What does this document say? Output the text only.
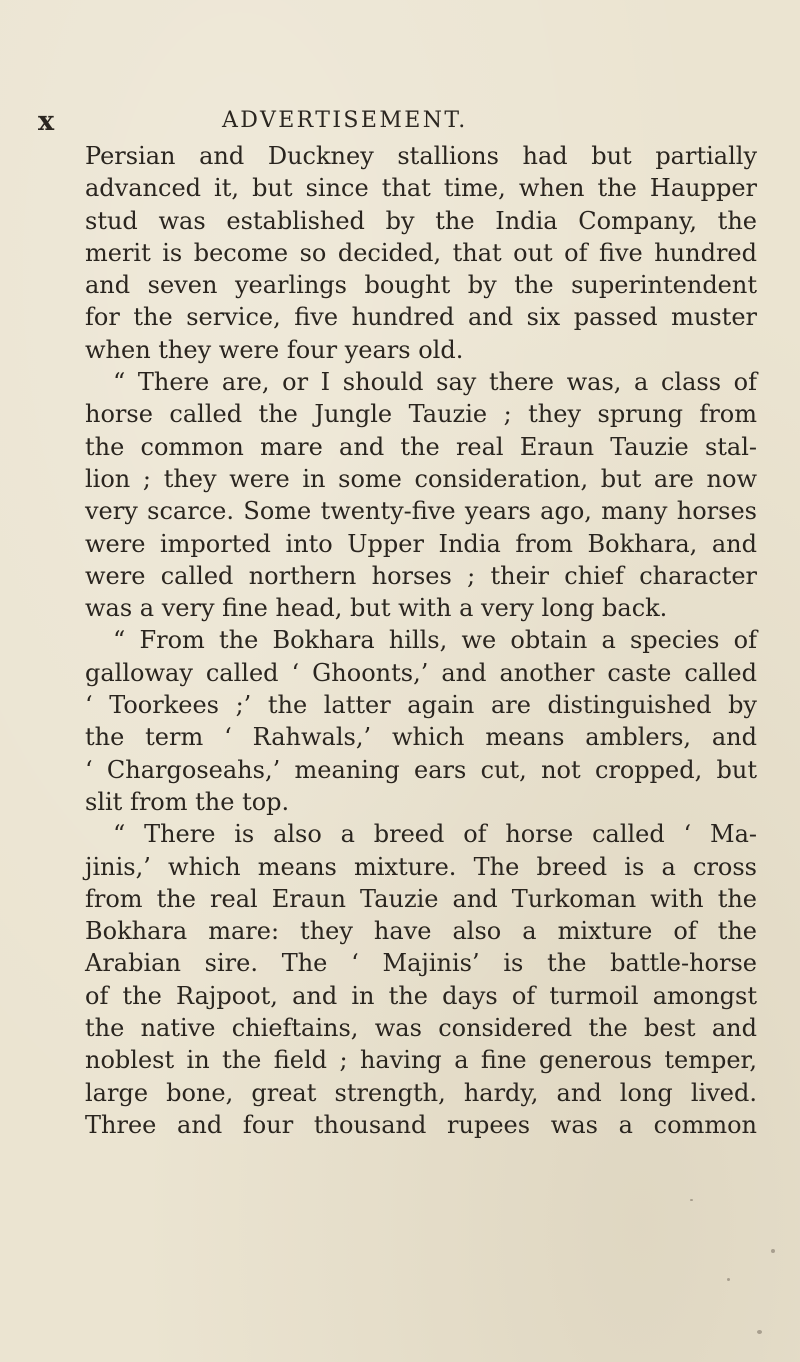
x	ADVERTISEMENT.
Persian and Duckney stallions had but partially
advanced it, but since that time, when the Haupper
stud was established by the India Company, the
merit is become so decided, that out of five hundred
and seven yearlings bought by the superintendent
for the service, five hundred and six passed muster
when they were four years old.
“ There are, or I should say there was, a class of
horse called the Jungle Tauzie ; they sprung from
the common mare and the real Eraun Tauzie stal-
lion ; they were in some consideration, but are now
very scarce. Some twenty-five years ago, many horses
were imported into Upper India from Bokhara, and
were called northern horses ; their chief character
was a very fine head, but with a very long back.
“ From the Bokhara hills, we obtain a species of
galloway called ‘ Ghoonts,’ and another caste called
‘ Toorkees ;’ the latter again are distinguished by
the term ‘ Rahwals,’ which means amblers, and
‘ Chargoseahs,’ meaning ears cut, not cropped, but
slit from the top.
“ There is also a breed of horse called ‘ Ma-
jinis,’ which means mixture. The breed is a cross
from the real Eraun Tauzie and Turkoman with the
Bokhara mare: they have also a mixture of the
Arabian sire. The ‘ Majinis’ is the battle-horse
of the Rajpoot, and in the days of turmoil amongst
the native chieftains, was considered the best and
noblest in the field ; having a fine generous temper,
large bone, great strength, hardy, and long lived.
Three and four thousand rupees was a common
